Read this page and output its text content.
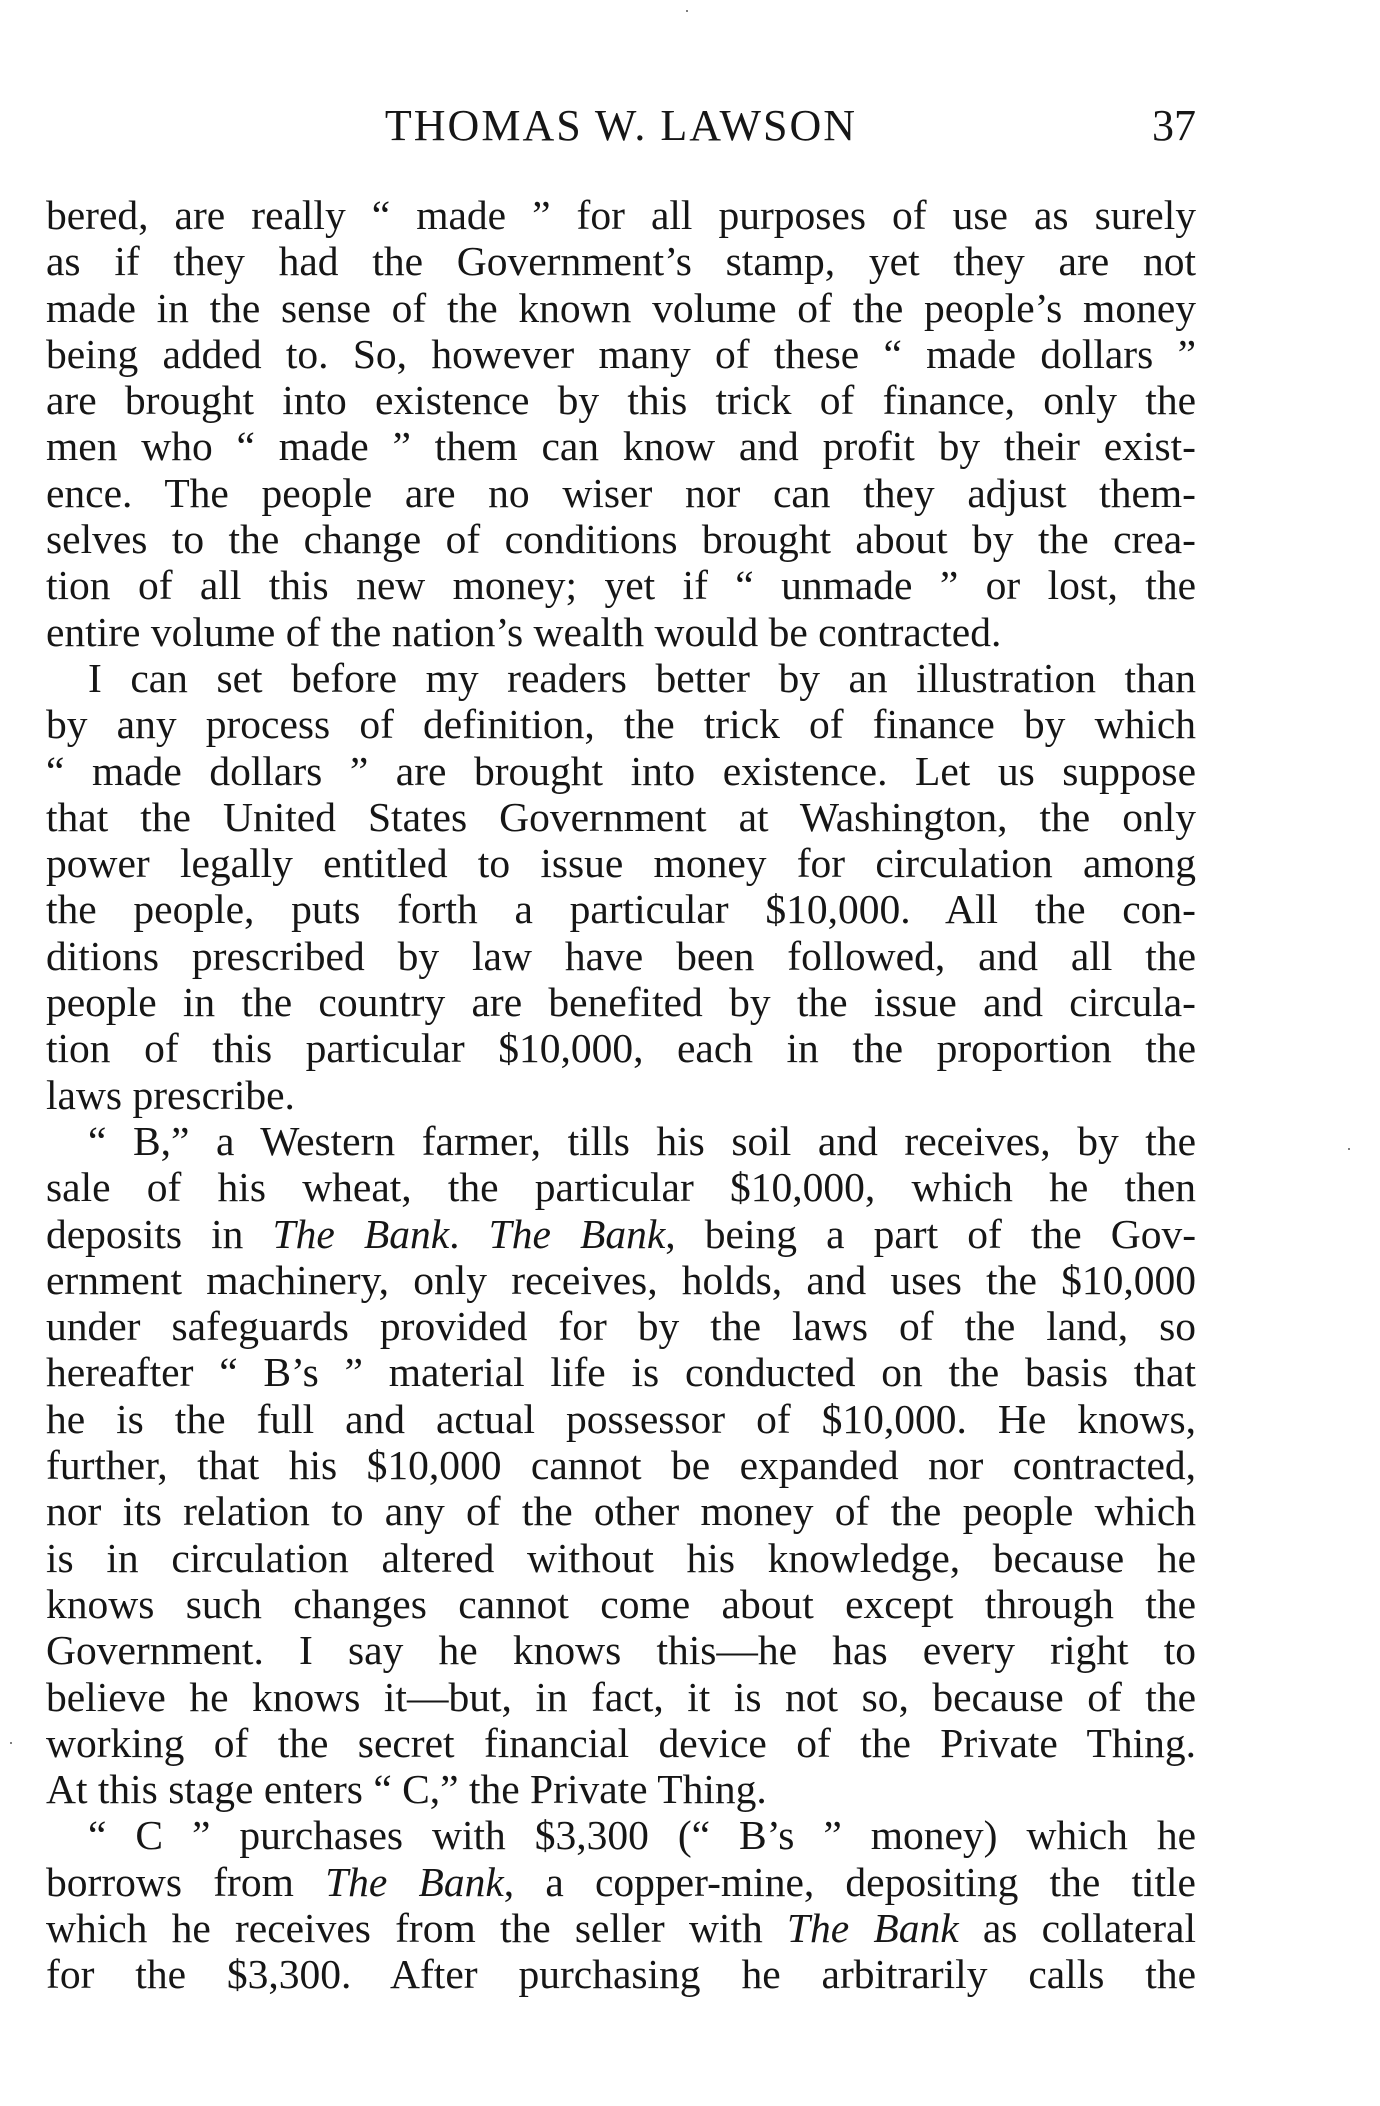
THOMAS W. LAWSON	37
bered, are really “ made ” for all purposes of use as surely
as if they had the Government’s stamp, yet they are not
made in the sense of the known volume of the people’s money
being added to. So, however many of these “ made dollars ”
are brought into existence by this trick of finance, only the
men who “ made ” them can know and profit by their exist-
ence. The people are no wiser nor can they adjust them-
selves to the change of conditions brought about by the crea-
tion of all this new money; yet if “ unmade ” or lost, the
entire volume of the nation’s wealth would be contracted.
I can set before my readers better by an illustration than
by any process of definition, the trick of finance by which
“ made dollars ” are brought into existence. Let us suppose
that the United States Government at Washington, the only
power legally entitled to issue money for circulation among
the people, puts forth a particular $10,000. All the con-
ditions prescribed by law have been followed, and all the
people in the country are benefited by the issue and circula-
tion of this particular $10,000, each in the proportion the
laws prescribe.
“ B,” a Western farmer, tills his soil and receives, by the
sale of his wheat, the particular $10,000, which he then
deposits in The Bank. The Bank, being a part of the Gov-
ernment machinery, only receives, holds, and uses the $10,000
under safeguards provided for by the laws of the land, so
hereafter “ B’s ” material life is conducted on the basis that
he is the full and actual possessor of $10,000. He knows,
further, that his $10,000 cannot be expanded nor contracted,
nor its relation to any of the other money of the people which
is in circulation altered without his knowledge, because he
knows such changes cannot come about except through the
Government. I say he knows this—he has every right to
believe he knows it—but, in fact, it is not so, because of the
working of the secret financial device of the Private Thing.
At this stage enters “ C,” the Private Thing.
“ C ” purchases with $3,300 (“ B’s ” money) which he
borrows from The Bank, a copper-mine, depositing the title
which he receives from the seller with The Bank as collateral
for the $3,300. After purchasing he arbitrarily calls the
